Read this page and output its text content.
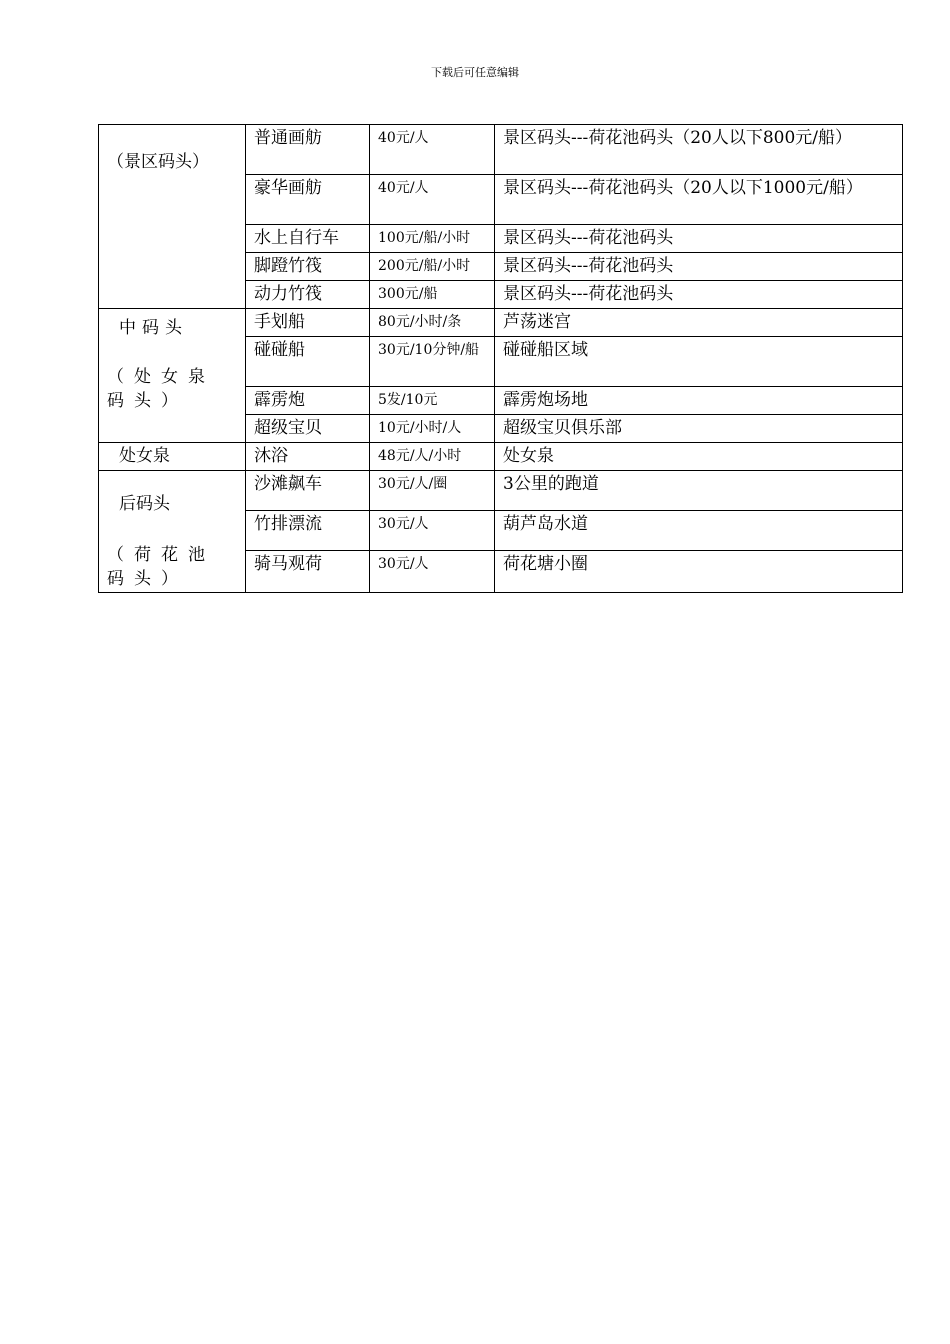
下载后可任意编辑
（景区码头）	普通画舫	40元/人	景区码头---荷花池码头（20人以下800元/船）
	豪华画舫	40元/人	景区码头---荷花池码头（20人以下1000元/船）
	水上自行车	100元/船/小时	景区码头---荷花池码头
	脚蹬竹筏	200元/船/小时	景区码头---荷花池码头
	动力竹筏	300元/船	景区码头---荷花池码头

中码头
（处女泉码头）	手划船	80元/小时/条	芦荡迷宫
	碰碰船	30元/10分钟/船	碰碰船区域
	霹雳炮	5发/10元	霹雳炮场地
	超级宝贝	10元/小时/人	超级宝贝俱乐部

处女泉	沐浴	48元/人/小时	处女泉

后码头
（荷花池码头）	沙滩飙车	30元/人/圈	3公里的跑道
	竹排漂流	30元/人	葫芦岛水道
	骑马观荷	30元/人	荷花塘小圈
